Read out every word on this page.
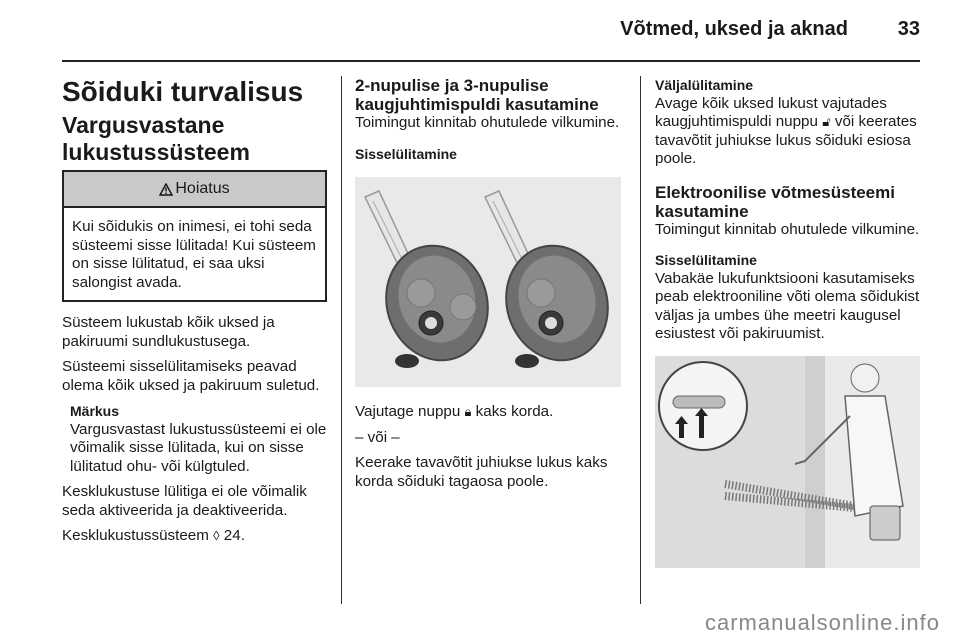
Võtmed, uksed ja aknad 33
Sõiduki turvalisus
Vargusvastane lukustussüsteem
Hoiatus
Kui sõidukis on inimesi, ei tohi seda süsteemi sisse lülitada! Kui süsteem on sisse lülitatud, ei saa uksi salongist avada.

Süsteem lukustab kõik uksed ja pakiruumi sundlukustusega.

Süsteemi sisselülitamiseks peavad olema kõik uksed ja pakiruum suletud.

Märkus

Vargusvastast lukustussüsteemi ei ole võimalik sisse lülitada, kui on sisse lülitatud ohu- või külgtuled.

Kesklukustuse lülitiga ei ole võimalik seda aktiveerida ja deaktiveerida.

Kesklukustussüsteem ◊ 24.

2-nupulise ja 3-nupulise kaugjuhtimispuldi kasutamine

Toimingut kinnitab ohutulede vilkumine.

Sisselülitamine

Vajutage nuppu 🔒︎ kaks korda.

– või –

Keerake tavavõtit juhiukse lukus kaks korda sõiduki tagaosa poole.

Väljalülitamine

Avage kõik uksed lukust vajutades kaugjuhtimispuldi nuppu 🔓︎ või keerates tavavõtit juhiukse lukus sõiduki esiosa poole.

Elektroonilise võtmesüsteemi kasutamine

Toimingut kinnitab ohutulede vilkumine.

Sisselülitamine

Vabakäe lukufunktsiooni kasutamiseks peab elektrooniline võti olema sõidukist väljas ja umbes ühe meetri kaugusel esiustest või pakiruumist.

carmanualsonline.info
